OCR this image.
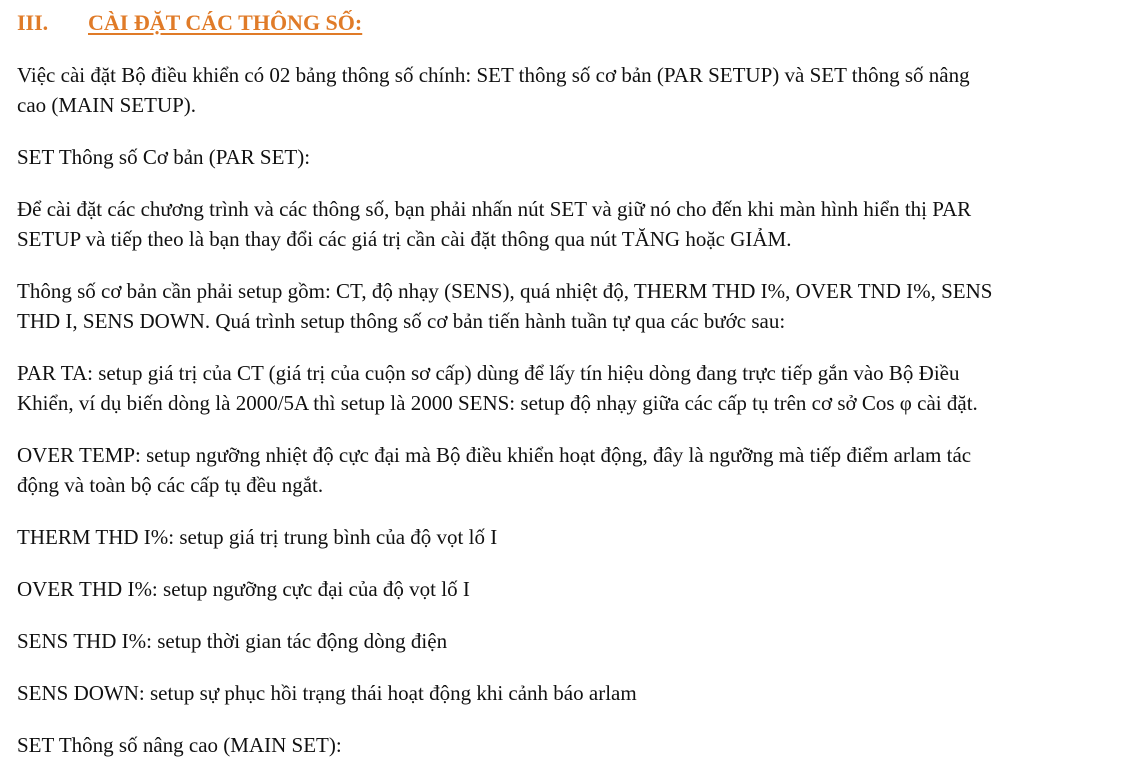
III.	CÀI ĐẶT CÁC THÔNG SỐ:
Việc cài đặt Bộ điều khiển có 02 bảng thông số chính: SET thông số cơ bản (PAR SETUP) và SET thông số nâng
cao (MAIN SETUP).
SET Thông số Cơ bản (PAR SET):
Để cài đặt các chương trình và các thông số, bạn phải nhấn nút SET và giữ nó cho đến khi màn hình hiển thị PAR
SETUP và tiếp theo là bạn thay đổi các giá trị cần cài đặt thông qua nút TĂNG hoặc GIẢM.
Thông số cơ bản cần phải setup gồm: CT, độ nhạy (SENS), quá nhiệt độ, THERM THD I%, OVER TND I%, SENS
THD I, SENS DOWN. Quá trình setup thông số cơ bản tiến hành tuần tự qua các bước sau:
PAR TA: setup giá trị của CT (giá trị của cuộn sơ cấp) dùng để lấy tín hiệu dòng đang trực tiếp gắn vào Bộ Điều
Khiển, ví dụ biến dòng là 2000/5A thì setup là 2000 SENS: setup độ nhạy giữa các cấp tụ trên cơ sở Cos φ cài đặt.
OVER TEMP: setup ngưỡng nhiệt độ cực đại mà Bộ điều khiển hoạt động, đây là ngưỡng mà tiếp điểm arlam tác
động và toàn bộ các cấp tụ đều ngắt.
THERM THD I%: setup giá trị trung bình của độ vọt lố I
OVER THD I%: setup ngưỡng cực đại của độ vọt lố I
SENS THD I%: setup thời gian tác động dòng điện
SENS DOWN: setup sự phục hồi trạng thái hoạt động khi cảnh báo arlam
SET Thông số nâng cao (MAIN SET):
